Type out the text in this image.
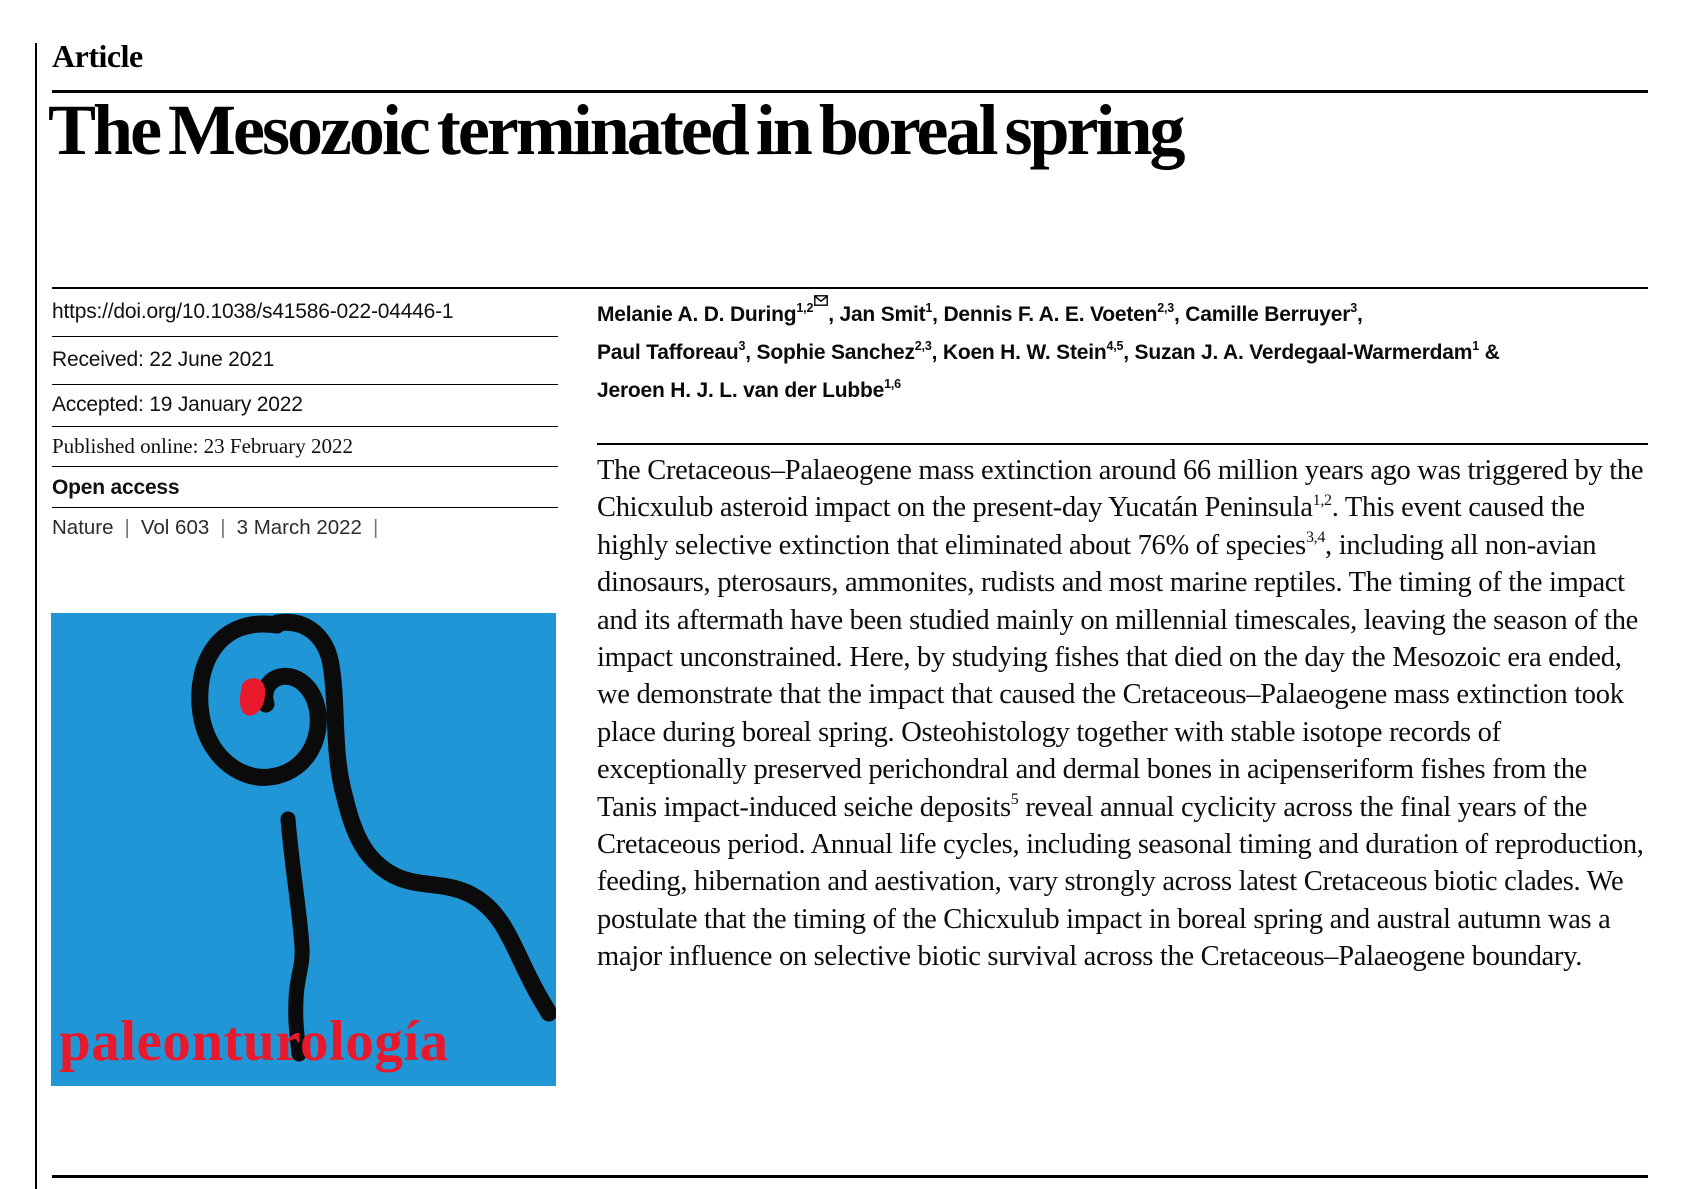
Article
The Mesozoic terminated in boreal spring
https://doi.org/10.1038/s41586-022-04446-1
Received: 22 June 2021
Accepted: 19 January 2022
Published online: 23 February 2022
Open access
Nature | Vol 603 | 3 March 2022 |
paleonturología
Melanie A. D. During$^{1,2}$ , Jan Smit$^1$, Dennis F. A. E. Voeten$^{2,3}$, Camille Berruyer$^3$,
Paul Tafforeau$^3$, Sophie Sanchez$^{2,3}$, Koen H. W. Stein$^{4,5}$, Suzan J. A. Verdegaal-Warmerdam$^1$ &
Jeroen H. J. L. van der Lubbe$^{1,6}$

The Cretaceous–Palaeogene mass extinction around 66 million years ago was triggered by the Chicxulub asteroid impact on the present-day Yucatán Peninsula$^{1,2}$. This event caused the highly selective extinction that eliminated about 76% of species$^{3,4}$, including all non-avian dinosaurs, pterosaurs, ammonites, rudists and most marine reptiles. The timing of the impact and its aftermath have been studied mainly on millennial timescales, leaving the season of the impact unconstrained. Here, by studying fishes that died on the day the Mesozoic era ended, we demonstrate that the impact that caused the Cretaceous–Palaeogene mass extinction took place during boreal spring. Osteohistology together with stable isotope records of exceptionally preserved perichondral and dermal bones in acipenseriform fishes from the Tanis impact-induced seiche deposits$^5$ reveal annual cyclicity across the final years of the Cretaceous period. Annual life cycles, including seasonal timing and duration of reproduction, feeding, hibernation and aestivation, vary strongly across latest Cretaceous biotic clades. We postulate that the timing of the Chicxulub impact in boreal spring and austral autumn was a major influence on selective biotic survival across the Cretaceous–Palaeogene boundary.
